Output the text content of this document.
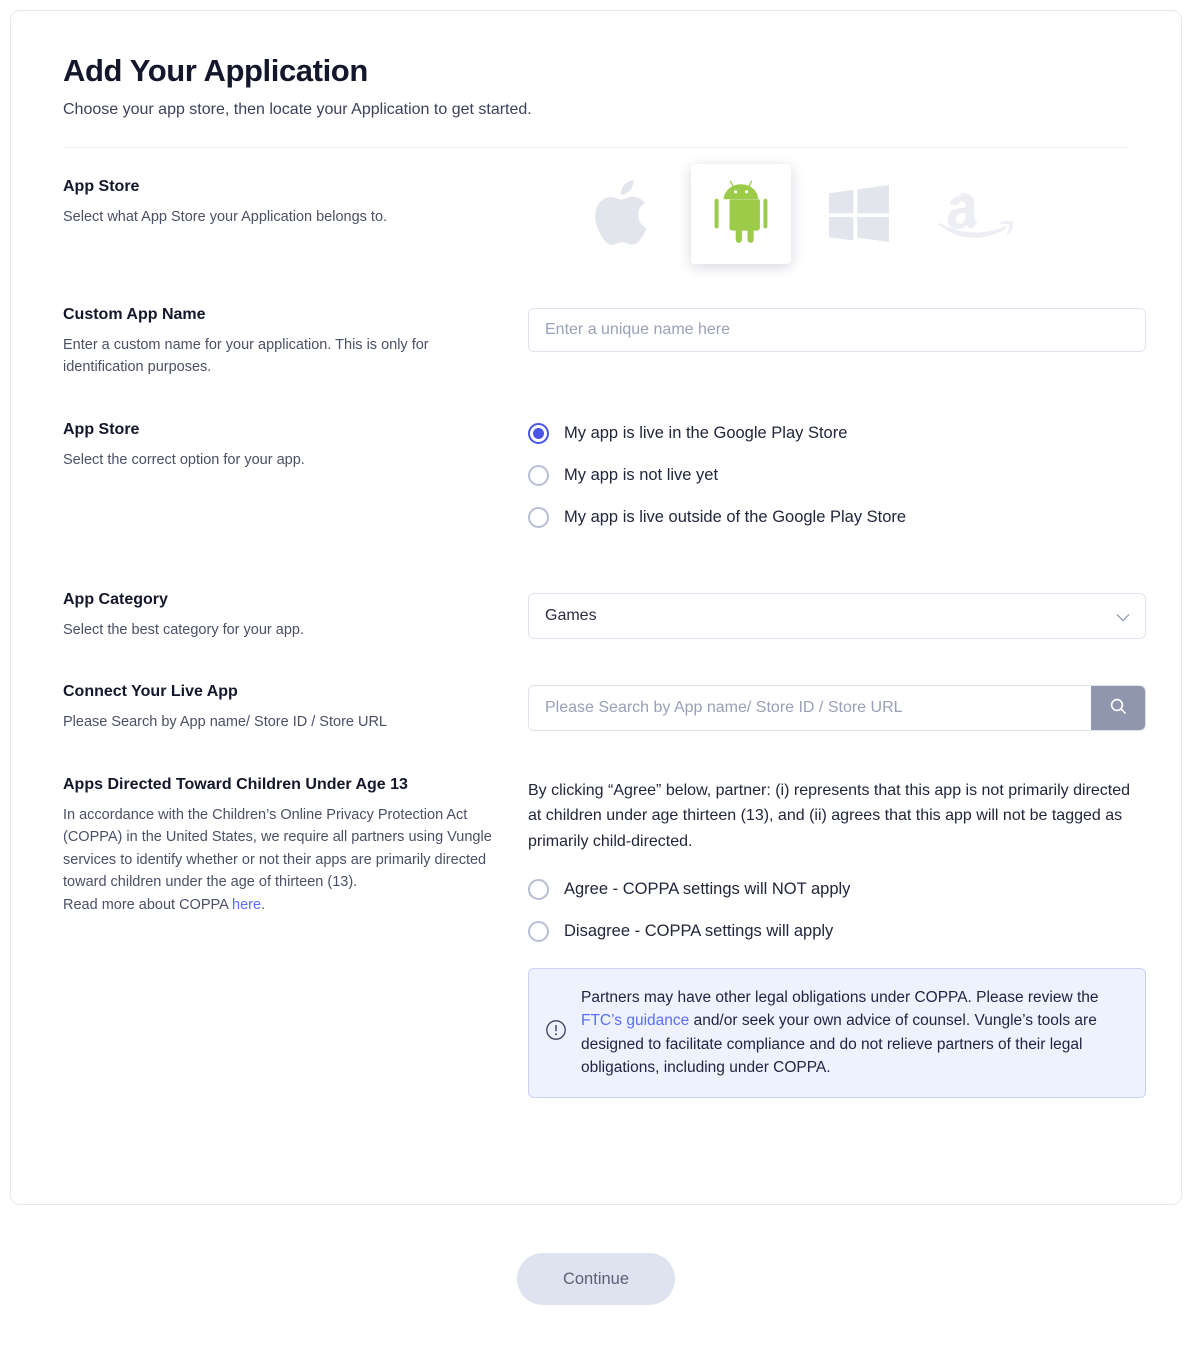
Add Your Application
Choose your app store, then locate your Application to get started.
App Store
Select what App Store your Application belongs to.
Custom App Name
Enter a custom name for your application. This is only for identification purposes.
Enter a unique name here
App Store
Select the correct option for your app.
My app is live in the Google Play Store
My app is not live yet
My app is live outside of the Google Play Store
App Category
Select the best category for your app.
Games
Connect Your Live App
Please Search by App name/ Store ID / Store URL
Please Search by App name/ Store ID / Store URL
Apps Directed Toward Children Under Age 13
In accordance with the Children’s Online Privacy Protection Act (COPPA) in the United States, we require all partners using Vungle services to identify whether or not their apps are primarily directed toward children under the age of thirteen (13).
Read more about COPPA here.
By clicking “Agree” below, partner: (i) represents that this app is not primarily directed at children under age thirteen (13), and (ii) agrees that this app will not be tagged as primarily child-directed.
Agree - COPPA settings will NOT apply
Disagree - COPPA settings will apply
Partners may have other legal obligations under COPPA. Please review the FTC’s guidance and/or seek your own advice of counsel. Vungle’s tools are designed to facilitate compliance and do not relieve partners of their legal obligations, including under COPPA.
Continue
